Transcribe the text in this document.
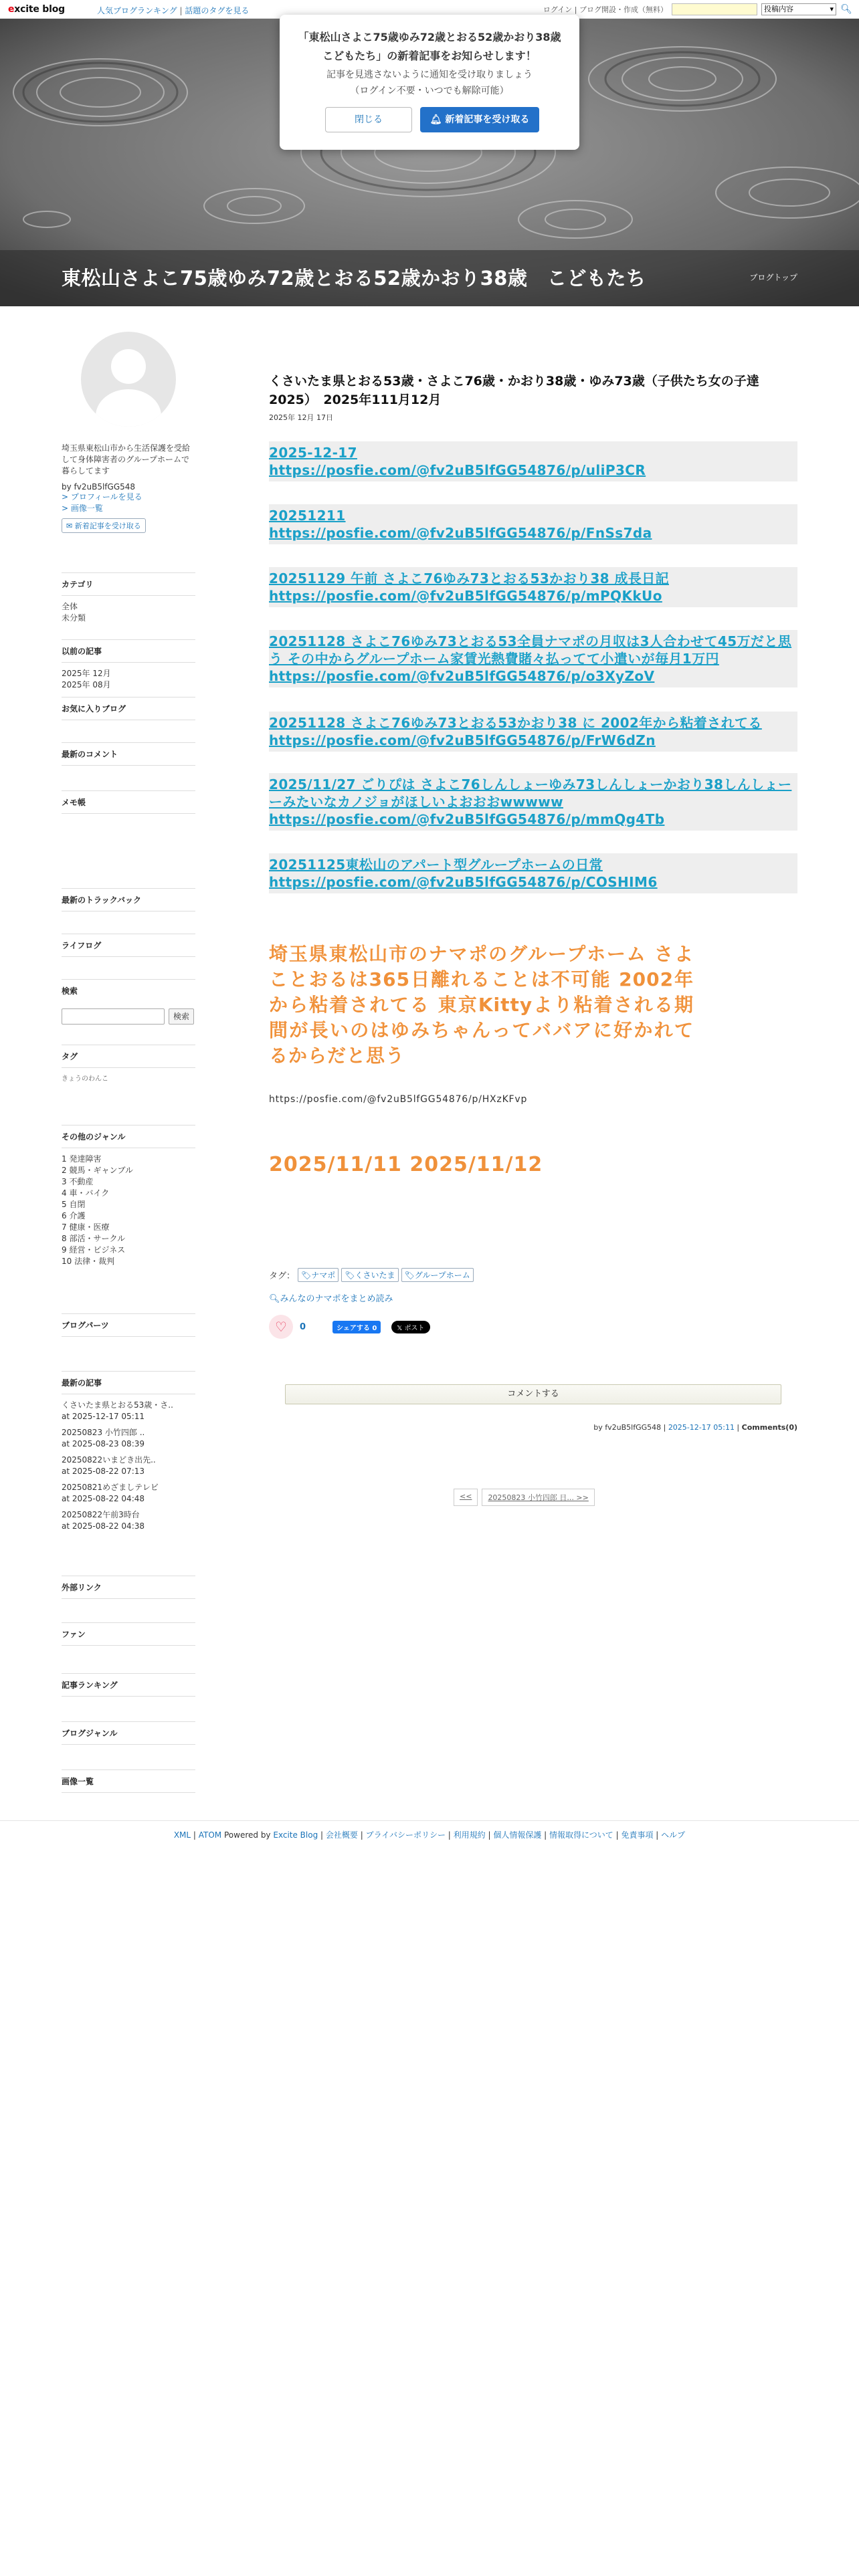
excite blog	人気ブログランキング | 話題のタグを見る	ログイン | ブログ開設・作成（無料）	投稿内容 ▾	🔍︎
東松山さよこ75歳ゆみ72歳とおる52歳かおり38歳　こどもたち	ブログトップ
「東松山さよこ75歳ゆみ72歳とおる52歳かおり38歳
こどもたち」の新着記事をお知らせします！
記事を見逃さないように通知を受け取りましょう
（ログイン不要・いつでも解除可能）
閉じる	🔔︎ 新着記事を受け取る
埼玉県東松山市から生活保護を受給して身体障害者のグループホームで暮らしてます
by fv2uB5lfGG548
> プロフィールを見る
> 画像一覧
✉ 新着記事を受け取る
カテゴリ
全体
未分類
以前の記事
2025年 12月
2025年 08月
お気に入りブログ
最新のコメント
メモ帳
最新のトラックバック
ライフログ
検索
検索
タグ
きょうのわんこ
その他のジャンル
1 発達障害
2 競馬・ギャンブル
3 不動産
4 車・バイク
5 自閉
6 介護
7 健康・医療
8 部活・サークル
9 経営・ビジネス
10 法律・裁判
ブログパーツ
最新の記事
くさいたま県とおる53歳・さ..
at 2025-12-17 05:11
20250823 小竹四郎 ..
at 2025-08-23 08:39
20250822いまどき出先..
at 2025-08-22 07:13
20250821めざましテレビ
at 2025-08-22 04:48
20250822午前3時台
at 2025-08-22 04:38
外部リンク
ファン
記事ランキング
ブログジャンル
画像一覧
くさいたま県とおる53歳・さよこ76歳・かおり38歳・ゆみ73歳（子供たち女の子達2025）　2025年111月12月
2025年 12月 17日
2025-12-17
https://posfie.com/@fv2uB5lfGG54876/p/uliP3CR
20251211
https://posfie.com/@fv2uB5lfGG54876/p/FnSs7da
20251129 午前 さよこ76ゆみ73とおる53かおり38 成長日記
https://posfie.com/@fv2uB5lfGG54876/p/mPQKkUo
20251128 さよこ76ゆみ73とおる53全員ナマポの月収は3人合わせて45万だと思う その中からグループホーム家賃光熱費賭々払ってて小遣いが毎月1万円
https://posfie.com/@fv2uB5lfGG54876/p/o3XyZoV
20251128 さよこ76ゆみ73とおる53かおり38 に 2002年から粘着されてる
https://posfie.com/@fv2uB5lfGG54876/p/FrW6dZn
2025/11/27 ごりぴは さよこ76しんしょーゆみ73しんしょーかおり38しんしょーーみたいなカノジョがほしいよおおおwwwww
https://posfie.com/@fv2uB5lfGG54876/p/mmQg4Tb
20251125東松山のアパート型グループホームの日常
https://posfie.com/@fv2uB5lfGG54876/p/COSHIM6
埼玉県東松山市のナマポのグループホーム さよことおるは365日離れることは不可能 2002年から粘着されてる 東京Kittyより粘着される期間が長いのはゆみちゃんってババアに好かれてるからだと思う
https://posfie.com/@fv2uB5lfGG54876/p/HXzKFvp
2025/11/11 2025/11/12
タグ： 🏷︎ナマポ	🏷︎くさいたま	🏷︎グループホーム
🔍︎みんなのナマポをまとめ読み
♡	0	シェアする 0	𝕏 ポスト
コメントする
by fv2uB5lfGG548 | 2025-12-17 05:11 | Comments(0)
<<	20250823 小竹四郎 日... >>
XML | ATOM Powered by Excite Blog | 会社概要 | プライバシーポリシー | 利用規約 | 個人情報保護 | 情報取得について | 免責事項 | ヘルプ
